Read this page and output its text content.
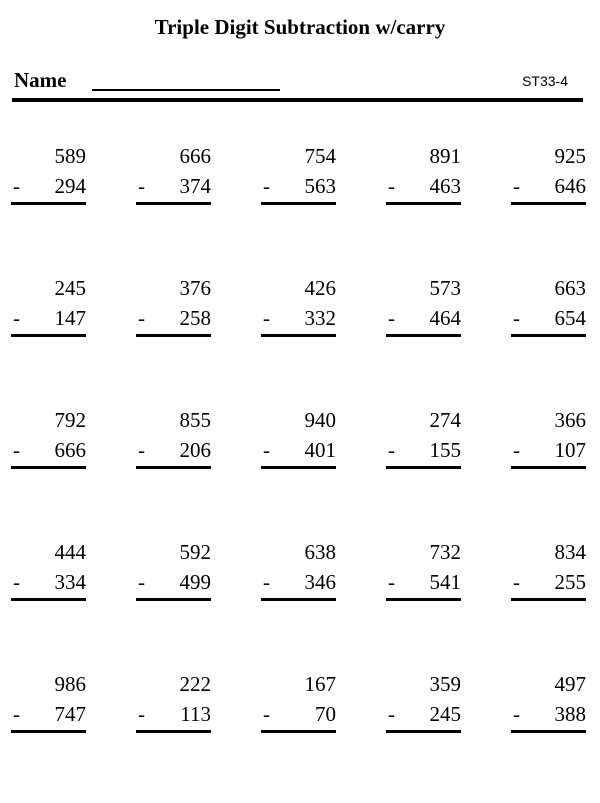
Triple Digit Subtraction w/carry
Name	ST33-4
589
- 294
666
- 374
754
- 563
891
- 463
925
- 646
245
- 147
376
- 258
426
- 332
573
- 464
663
- 654
792
- 666
855
- 206
940
- 401
274
- 155
366
- 107
444
- 334
592
- 499
638
- 346
732
- 541
834
- 255
986
- 747
222
- 113
167
- 70
359
- 245
497
- 388
